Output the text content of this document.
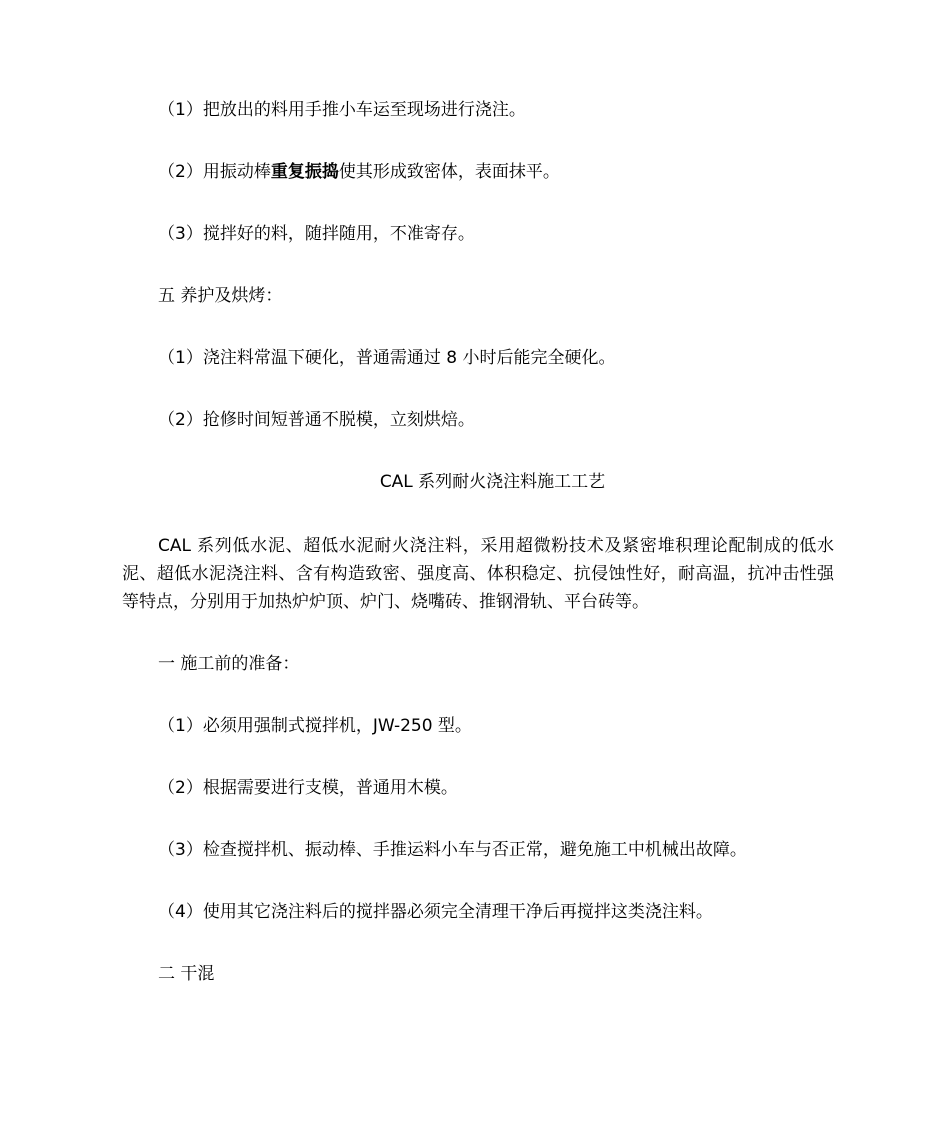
（1）把放出的料用手推小车运至现场进行浇注。

（2）用振动棒重复振捣使其形成致密体，表面抹平。

（3）搅拌好的料，随拌随用，不准寄存。

五 养护及烘烤：

（1）浇注料常温下硬化，普通需通过 8 小时后能完全硬化。

（2）抢修时间短普通不脱模，立刻烘焙。

CAL 系列耐火浇注料施工工艺

CAL 系列低水泥、超低水泥耐火浇注料，采用超微粉技术及紧密堆积理论配制成的低水泥、超低水泥浇注料、含有构造致密、强度高、体积稳定、抗侵蚀性好，耐高温，抗冲击性强等特点，分别用于加热炉炉顶、炉门、烧嘴砖、推钢滑轨、平台砖等。

一 施工前的准备：

（1）必须用强制式搅拌机，JW-250 型。

（2）根据需要进行支模，普通用木模。

（3）检查搅拌机、振动棒、手推运料小车与否正常，避免施工中机械出故障。

（4）使用其它浇注料后的搅拌器必须完全清理干净后再搅拌这类浇注料。

二 干混
